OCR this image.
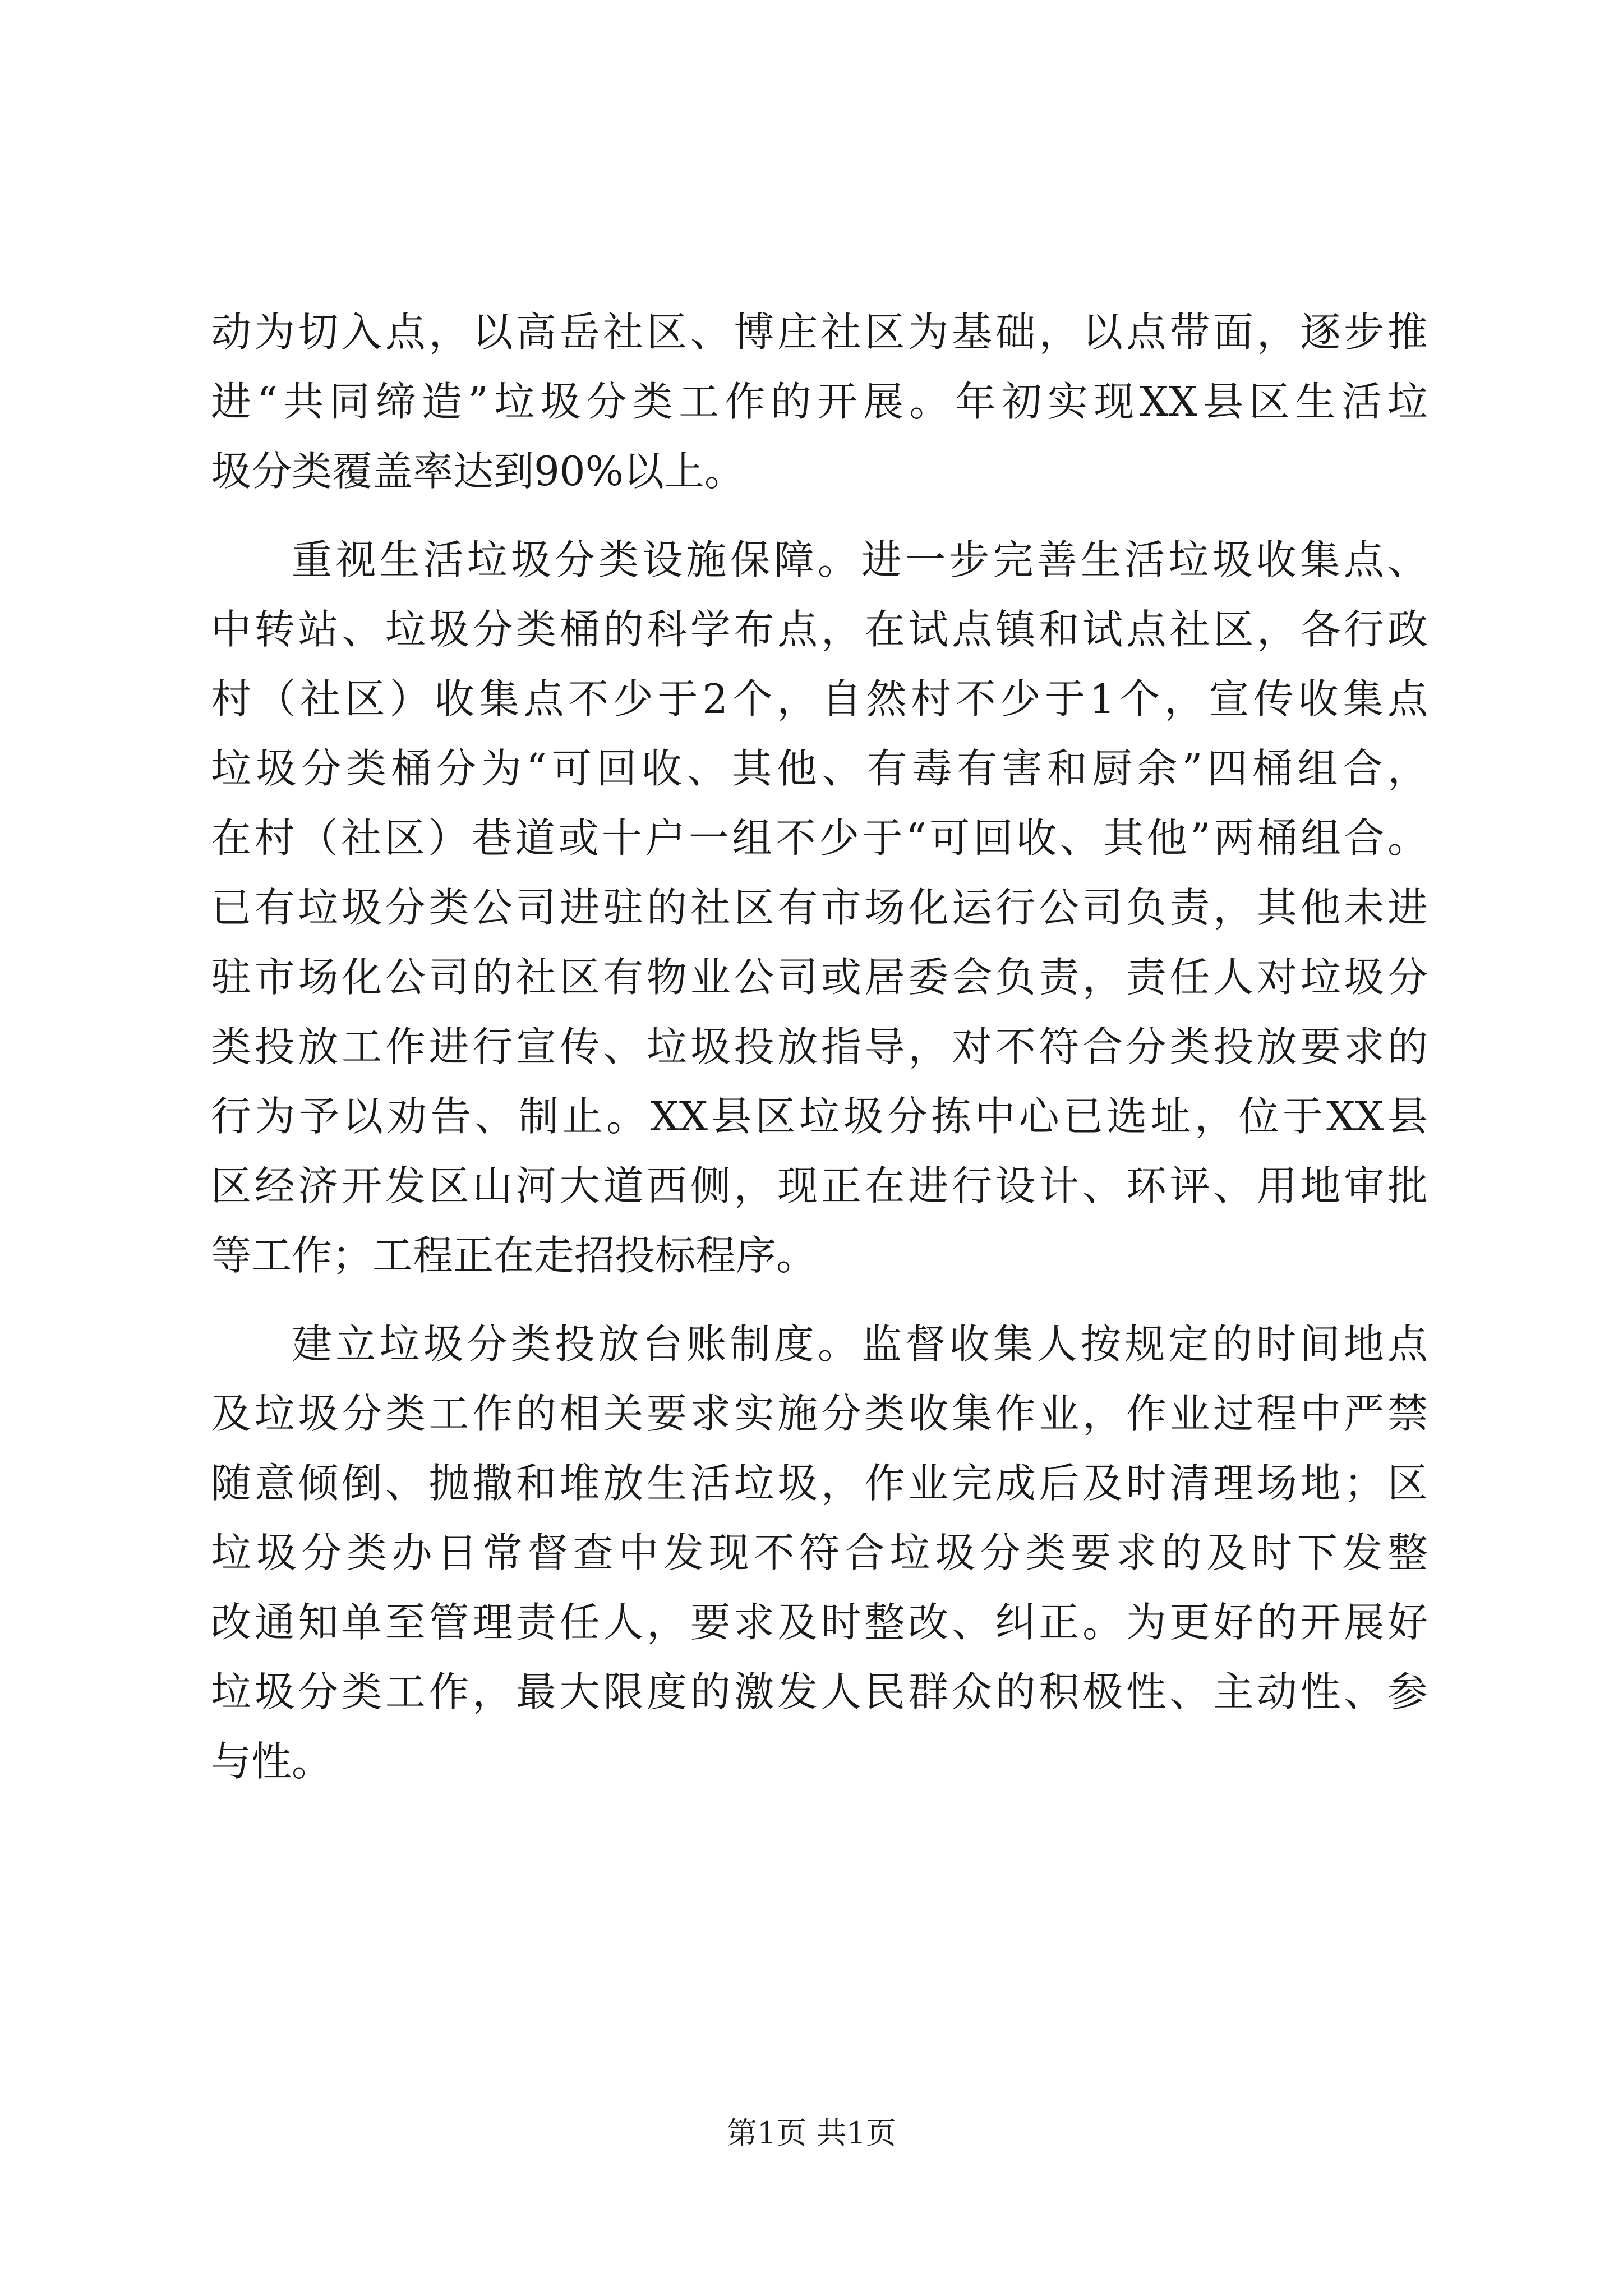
动为切入点，以高岳社区、博庄社区为基础，以点带面，逐步推
进“共同缔造”垃圾分类工作的开展。年初实现XX县区生活垃
圾分类覆盖率达到90%以上。
重视生活垃圾分类设施保障。进一步完善生活垃圾收集点、
中转站、垃圾分类桶的科学布点，在试点镇和试点社区，各行政
村（社区）收集点不少于2个，自然村不少于1个，宣传收集点
垃圾分类桶分为“可回收、其他、有毒有害和厨余”四桶组合，
在村（社区）巷道或十户一组不少于“可回收、其他”两桶组合。
已有垃圾分类公司进驻的社区有市场化运行公司负责，其他未进
驻市场化公司的社区有物业公司或居委会负责，责任人对垃圾分
类投放工作进行宣传、垃圾投放指导，对不符合分类投放要求的
行为予以劝告、制止。XX县区垃圾分拣中心已选址，位于XX县
区经济开发区山河大道西侧，现正在进行设计、环评、用地审批
等工作；工程正在走招投标程序。
建立垃圾分类投放台账制度。监督收集人按规定的时间地点
及垃圾分类工作的相关要求实施分类收集作业，作业过程中严禁
随意倾倒、抛撒和堆放生活垃圾，作业完成后及时清理场地；区
垃圾分类办日常督查中发现不符合垃圾分类要求的及时下发整
改通知单至管理责任人，要求及时整改、纠正。为更好的开展好
垃圾分类工作，最大限度的激发人民群众的积极性、主动性、参
与性。
第1页 共1页
